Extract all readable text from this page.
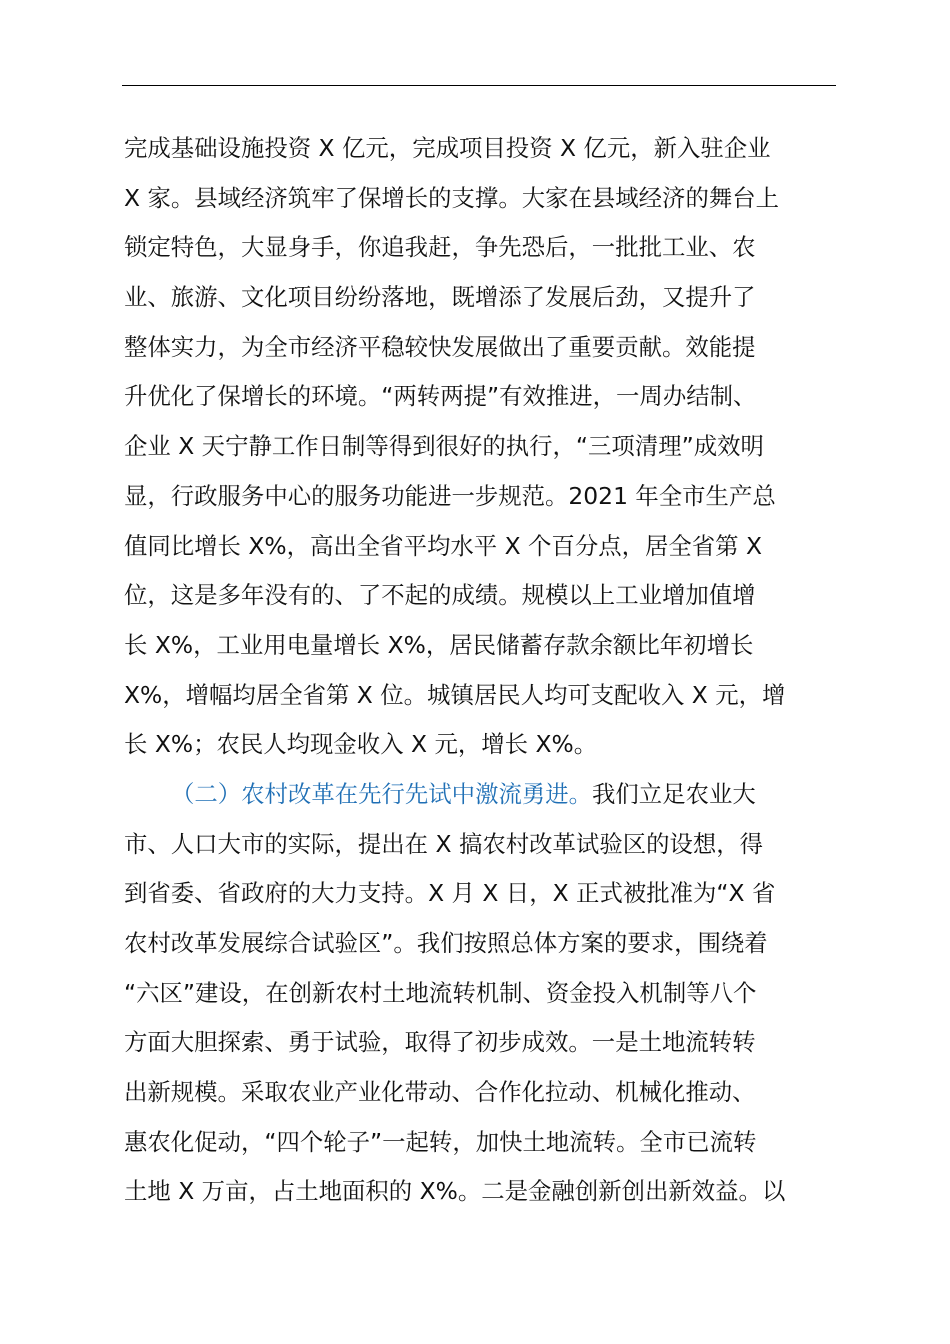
完成基础设施投资 X 亿元，完成项目投资 X 亿元，新入驻企业
X 家。县域经济筑牢了保增长的支撑。大家在县域经济的舞台上
锁定特色，大显身手，你追我赶，争先恐后，一批批工业、农
业、旅游、文化项目纷纷落地，既增添了发展后劲，又提升了
整体实力，为全市经济平稳较快发展做出了重要贡献。效能提
升优化了保增长的环境。“两转两提”有效推进，一周办结制、
企业 X 天宁静工作日制等得到很好的执行，“三项清理”成效明
显，行政服务中心的服务功能进一步规范。2021 年全市生产总
值同比增长 X%，高出全省平均水平 X 个百分点，居全省第 X
位，这是多年没有的、了不起的成绩。规模以上工业增加值增
长 X%，工业用电量增长 X%，居民储蓄存款余额比年初增长
X%，增幅均居全省第 X 位。城镇居民人均可支配收入 X 元，增
长 X%；农民人均现金收入 X 元，增长 X%。
（二）农村改革在先行先试中激流勇进。我们立足农业大
市、人口大市的实际，提出在 X 搞农村改革试验区的设想，得
到省委、省政府的大力支持。X 月 X 日，X 正式被批准为“X 省
农村改革发展综合试验区”。我们按照总体方案的要求，围绕着
“六区”建设，在创新农村土地流转机制、资金投入机制等八个
方面大胆探索、勇于试验，取得了初步成效。一是土地流转转
出新规模。采取农业产业化带动、合作化拉动、机械化推动、
惠农化促动，“四个轮子”一起转，加快土地流转。全市已流转
土地 X 万亩，占土地面积的 X%。二是金融创新创出新效益。以
